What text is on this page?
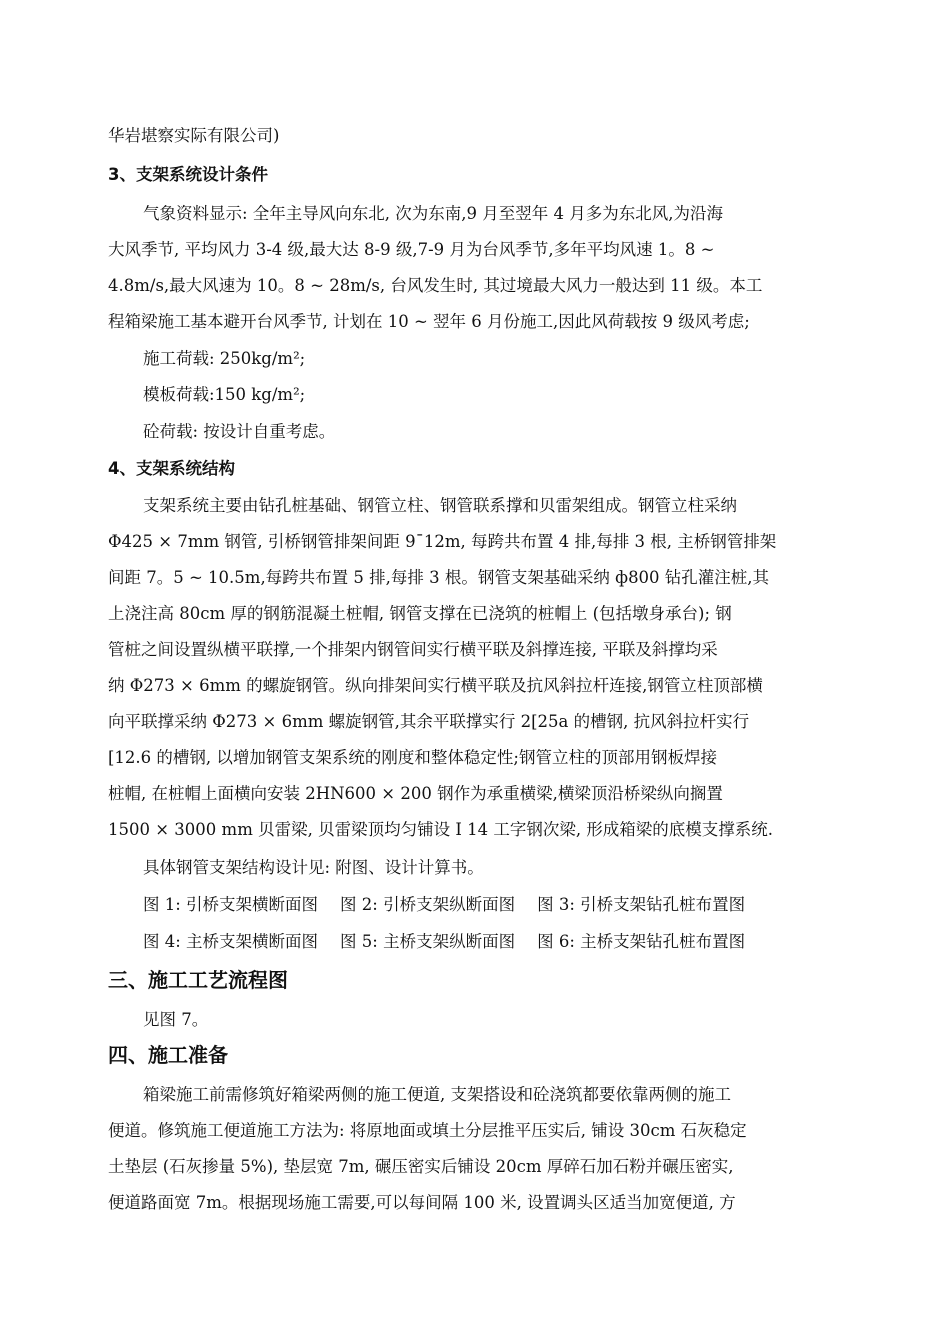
华岩堪察实际有限公司)
3、支架系统设计条件
气象资料显示: 全年主导风向东北, 次为东南,9 月至翌年 4 月多为东北风,为沿海
大风季节, 平均风力 3-4 级,最大达 8-9 级,7-9 月为台风季节,多年平均风速 1。8 ~
4.8m/s,最大风速为 10。8 ~ 28m/s, 台风发生时, 其过境最大风力一般达到 11 级。本工
程箱梁施工基本避开台风季节, 计划在 10 ~ 翌年 6 月份施工,因此风荷载按 9 级风考虑;
施工荷载: 250kg/m²;
模板荷载:150 kg/m²;
砼荷载: 按设计自重考虑。
4、支架系统结构
支架系统主要由钻孔桩基础、钢管立柱、钢管联系撑和贝雷架组成。钢管立柱采纳
Φ425 × 7mm 钢管, 引桥钢管排架间距 9¯12m, 每跨共布置 4 排,每排 3 根, 主桥钢管排架
间距 7。5 ~ 10.5m,每跨共布置 5 排,每排 3 根。钢管支架基础采纳 ф800 钻孔灌注桩,其
上浇注高 80cm 厚的钢筋混凝土桩帽, 钢管支撑在已浇筑的桩帽上 (包括墩身承台); 钢
管桩之间设置纵横平联撑,一个排架内钢管间实行横平联及斜撑连接, 平联及斜撑均采
纳 Φ273 × 6mm 的螺旋钢管。纵向排架间实行横平联及抗风斜拉杆连接,钢管立柱顶部横
向平联撑采纳 Φ273 × 6mm 螺旋钢管,其余平联撑实行 2[25a 的槽钢, 抗风斜拉杆实行
[12.6 的槽钢, 以增加钢管支架系统的刚度和整体稳定性;钢管立柱的顶部用钢板焊接
桩帽, 在桩帽上面横向安装 2HN600 × 200 钢作为承重横梁,横梁顶沿桥梁纵向搁置
1500 × 3000 mm 贝雷梁, 贝雷梁顶均匀铺设 I 14 工字钢次梁, 形成箱梁的底模支撑系统.
具体钢管支架结构设计见: 附图、设计计算书。
图 1: 引桥支架横断面图 图 2: 引桥支架纵断面图 图 3: 引桥支架钻孔桩布置图
图 4: 主桥支架横断面图 图 5: 主桥支架纵断面图 图 6: 主桥支架钻孔桩布置图
三、施工工艺流程图
见图 7。
四、施工准备
箱梁施工前需修筑好箱梁两侧的施工便道, 支架搭设和砼浇筑都要依靠两侧的施工
便道。修筑施工便道施工方法为: 将原地面或填土分层推平压实后, 铺设 30cm 石灰稳定
土垫层 (石灰掺量 5%), 垫层宽 7m, 碾压密实后铺设 20cm 厚碎石加石粉并碾压密实,
便道路面宽 7m。根据现场施工需要,可以每间隔 100 米, 设置调头区适当加宽便道, 方
